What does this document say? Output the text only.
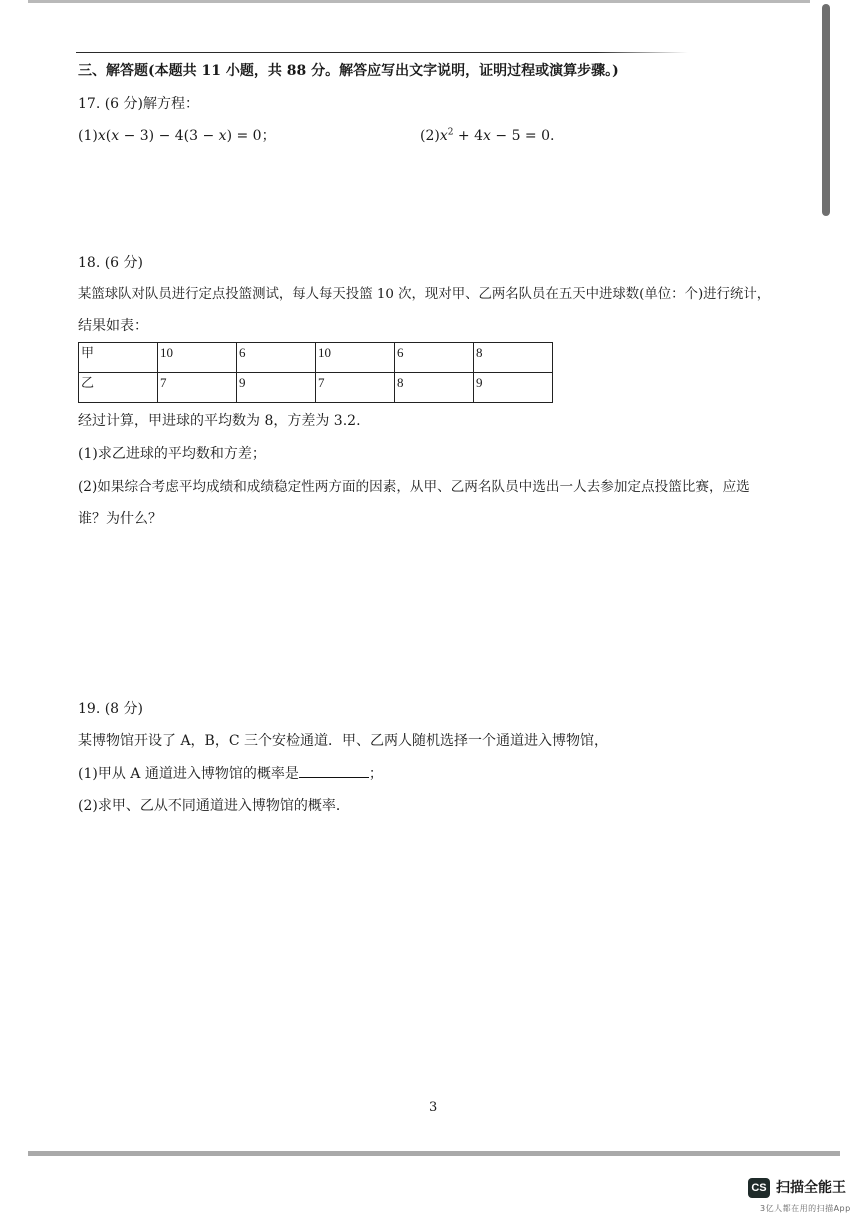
三、解答题(本题共 11 小题，共 88 分。解答应写出文字说明，证明过程或演算步骤。)
17. (6 分)解方程：
(1)x(x − 3) − 4(3 − x) = 0；	$(2)x^2 + 4x - 5 = 0$.
18. (6 分)
某篮球队对队员进行定点投篮测试，每人每天投篮 10 次，现对甲、乙两名队员在五天中进球数(单位：个)进行统计，
结果如表：
甲	10	6	10	6	8
乙	7	9	7	8	9
经过计算，甲进球的平均数为 8，方差为 3.2.
(1)求乙进球的平均数和方差；
(2)如果综合考虑平均成绩和成绩稳定性两方面的因素，从甲、乙两名队员中选出一人去参加定点投篮比赛，应选
谁？为什么？
19. (8 分)
某博物馆开设了 A，B，C 三个安检通道．甲、乙两人随机选择一个通道进入博物馆，
(1)甲从 A 通道进入博物馆的概率是	；
(2)求甲、乙从不同通道进入博物馆的概率．
3
CS 扫描全能王
3亿人都在用的扫描App
